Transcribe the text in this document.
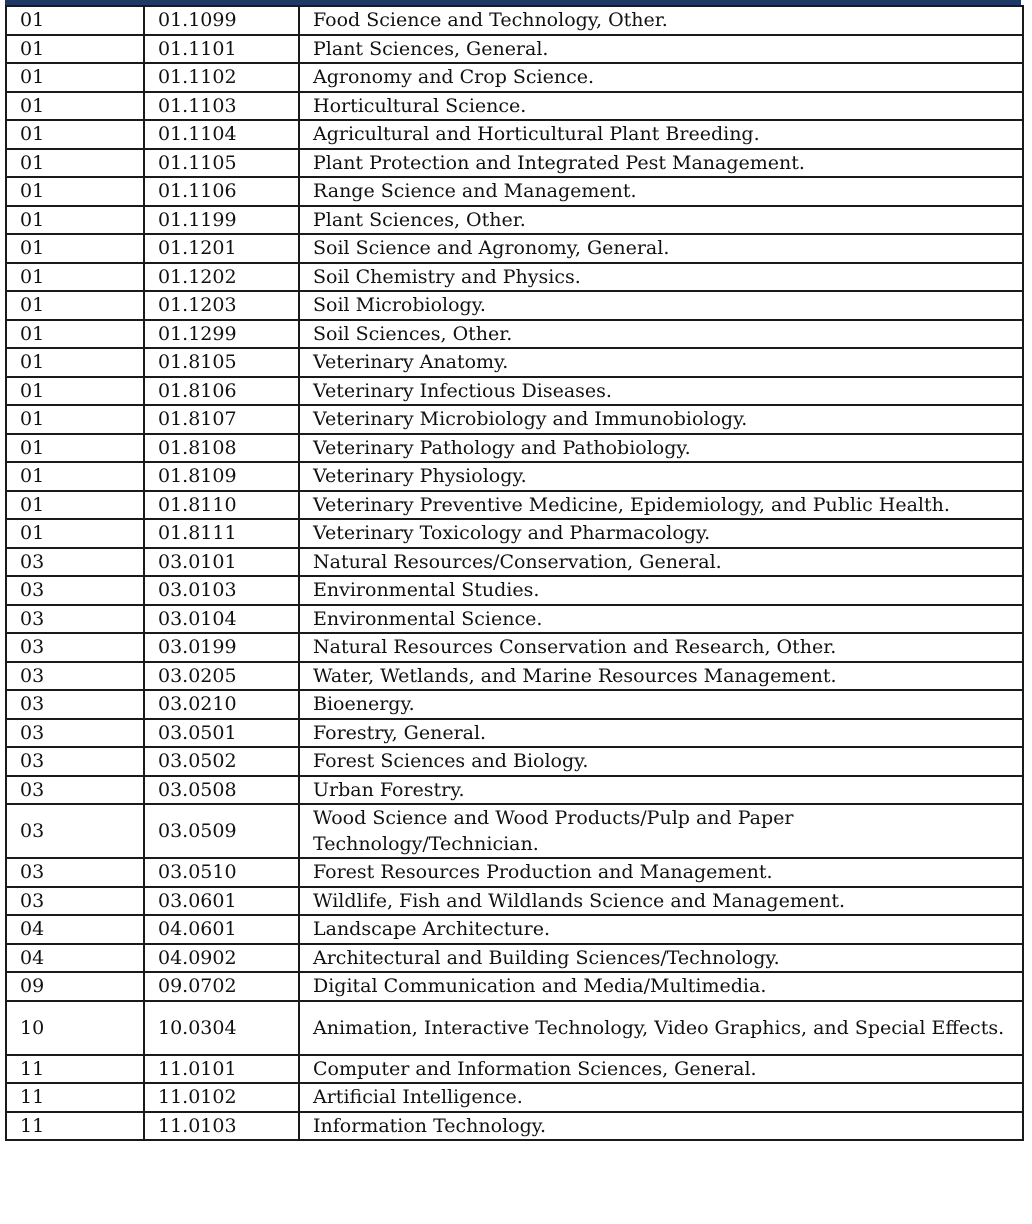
01	01.1099	Food Science and Technology, Other.
01	01.1101	Plant Sciences, General.
01	01.1102	Agronomy and Crop Science.
01	01.1103	Horticultural Science.
01	01.1104	Agricultural and Horticultural Plant Breeding.
01	01.1105	Plant Protection and Integrated Pest Management.
01	01.1106	Range Science and Management.
01	01.1199	Plant Sciences, Other.
01	01.1201	Soil Science and Agronomy, General.
01	01.1202	Soil Chemistry and Physics.
01	01.1203	Soil Microbiology.
01	01.1299	Soil Sciences, Other.
01	01.8105	Veterinary Anatomy.
01	01.8106	Veterinary Infectious Diseases.
01	01.8107	Veterinary Microbiology and Immunobiology.
01	01.8108	Veterinary Pathology and Pathobiology.
01	01.8109	Veterinary Physiology.
01	01.8110	Veterinary Preventive Medicine, Epidemiology, and Public Health.
01	01.8111	Veterinary Toxicology and Pharmacology.
03	03.0101	Natural Resources/Conservation, General.
03	03.0103	Environmental Studies.
03	03.0104	Environmental Science.
03	03.0199	Natural Resources Conservation and Research, Other.
03	03.0205	Water, Wetlands, and Marine Resources Management.
03	03.0210	Bioenergy.
03	03.0501	Forestry, General.
03	03.0502	Forest Sciences and Biology.
03	03.0508	Urban Forestry.
03	03.0509	Wood Science and Wood Products/Pulp and Paper Technology/Technician.
03	03.0510	Forest Resources Production and Management.
03	03.0601	Wildlife, Fish and Wildlands Science and Management.
04	04.0601	Landscape Architecture.
04	04.0902	Architectural and Building Sciences/Technology.
09	09.0702	Digital Communication and Media/Multimedia.
10	10.0304	Animation, Interactive Technology, Video Graphics, and Special Effects.
11	11.0101	Computer and Information Sciences, General.
11	11.0102	Artificial Intelligence.
11	11.0103	Information Technology.
